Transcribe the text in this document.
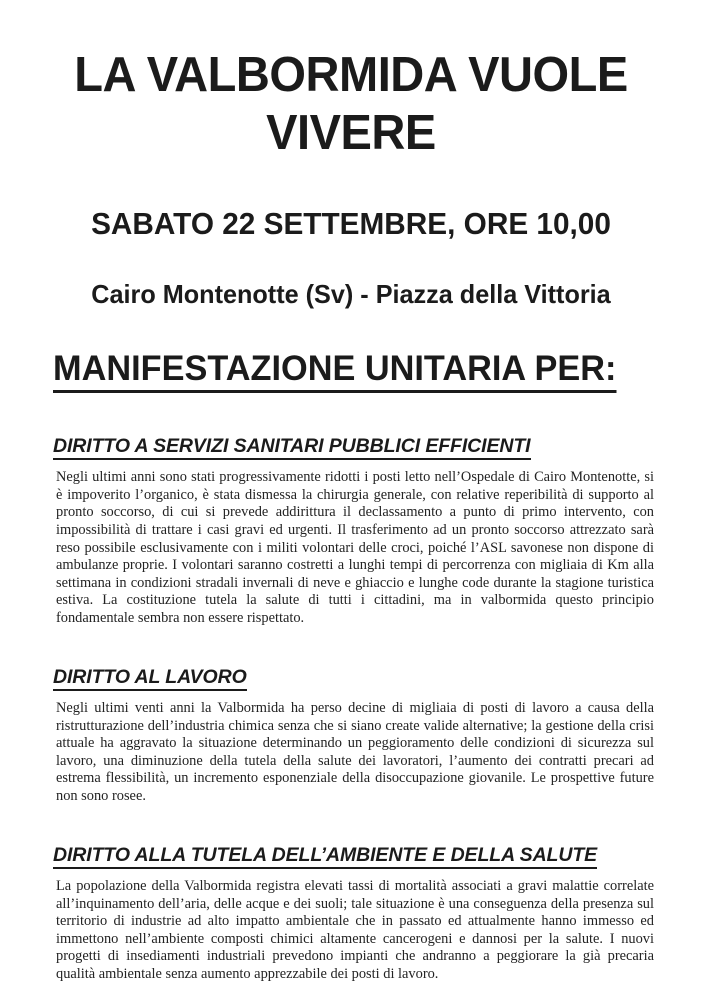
LA VALBORMIDA VUOLE
VIVERE
SABATO 22 SETTEMBRE, ORE 10,00
Cairo Montenotte (Sv) - Piazza della Vittoria
MANIFESTAZIONE UNITARIA PER:
DIRITTO A SERVIZI SANITARI PUBBLICI EFFICIENTI

Negli ultimi anni sono stati progressivamente ridotti i posti letto nell’Ospedale di Cairo Montenotte, si è impoverito l’organico, è stata dismessa la chirurgia generale, con relative reperibilità di supporto al pronto soccorso, di cui si prevede addirittura il declassamento a punto di primo intervento, con impossibilità di trattare i casi gravi ed urgenti. Il trasferimento ad un pronto soccorso attrezzato sarà reso possibile esclusivamente con i militi volontari delle croci, poiché l’ASL savonese non dispone di ambulanze proprie. I volontari saranno costretti a lunghi tempi di percorrenza con migliaia di Km alla settimana in condizioni stradali invernali di neve e ghiaccio e lunghe code durante la stagione turistica estiva. La costituzione tutela la salute di tutti i cittadini, ma in valbormida questo principio fondamentale sembra non essere rispettato.

DIRITTO AL LAVORO

Negli ultimi venti anni la Valbormida ha perso decine di migliaia di posti di lavoro a causa della ristrutturazione dell’industria chimica senza che si siano create valide alternative; la gestione della crisi attuale ha aggravato la situazione determinando un peggioramento delle condizioni di sicurezza sul lavoro, una diminuzione della tutela della salute dei lavoratori, l’aumento dei contratti precari ad estrema flessibilità, un incremento esponenziale della disoccupazione giovanile. Le prospettive future non sono rosee.

DIRITTO ALLA TUTELA DELL’AMBIENTE E DELLA SALUTE

La popolazione della Valbormida registra elevati tassi di mortalità associati a gravi malattie correlate all’inquinamento dell’aria, delle acque e dei suoli; tale situazione è una conseguenza della presenza sul territorio di industrie ad alto impatto ambientale che in passato ed attualmente hanno immesso ed immettono nell’ambiente composti chimici altamente cancerogeni e dannosi per la salute. I nuovi progetti di insediamenti industriali prevedono impianti che andranno a peggiorare la già precaria qualità ambientale senza aumento apprezzabile dei posti di lavoro.
